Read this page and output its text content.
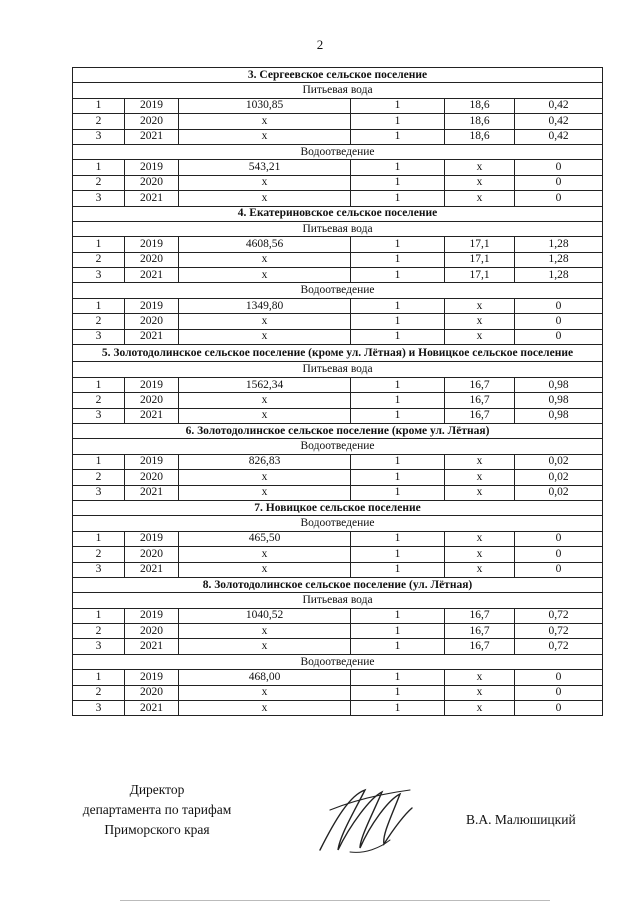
2
3. Сергеевское сельское поселение					
Питьевая вода					
1	2019	1030,85	1	18,6	0,42
2	2020	х	1	18,6	0,42
3	2021	х	1	18,6	0,42
Водоотведение					
1	2019	543,21	1	х	0
2	2020	х	1	х	0
3	2021	х	1	х	0
4. Екатериновское сельское поселение					
Питьевая вода					
1	2019	4608,56	1	17,1	1,28
2	2020	х	1	17,1	1,28
3	2021	х	1	17,1	1,28
Водоотведение					
1	2019	1349,80	1	х	0
2	2020	х	1	х	0
3	2021	х	1	х	0
5. Золотодолинское сельское поселение (кроме ул. Лётная) и Новицкое сельское поселение					
Питьевая вода					
1	2019	1562,34	1	16,7	0,98
2	2020	х	1	16,7	0,98
3	2021	х	1	16,7	0,98
6. Золотодолинское сельское поселение (кроме ул. Лётная)					
Водоотведение					
1	2019	826,83	1	х	0,02
2	2020	х	1	х	0,02
3	2021	х	1	х	0,02
7. Новицкое сельское поселение					
Водоотведение					
1	2019	465,50	1	х	0
2	2020	х	1	х	0
3	2021	х	1	х	0
8. Золотодолинское сельское поселение (ул. Лётная)					
Питьевая вода					
1	2019	1040,52	1	16,7	0,72
2	2020	х	1	16,7	0,72
3	2021	х	1	16,7	0,72
Водоотведение					
1	2019	468,00	1	х	0
2	2020	х	1	х	0
3	2021	х	1	х	0
Директор
департамента по тарифам
Приморского края
В.А. Малюшицкий
